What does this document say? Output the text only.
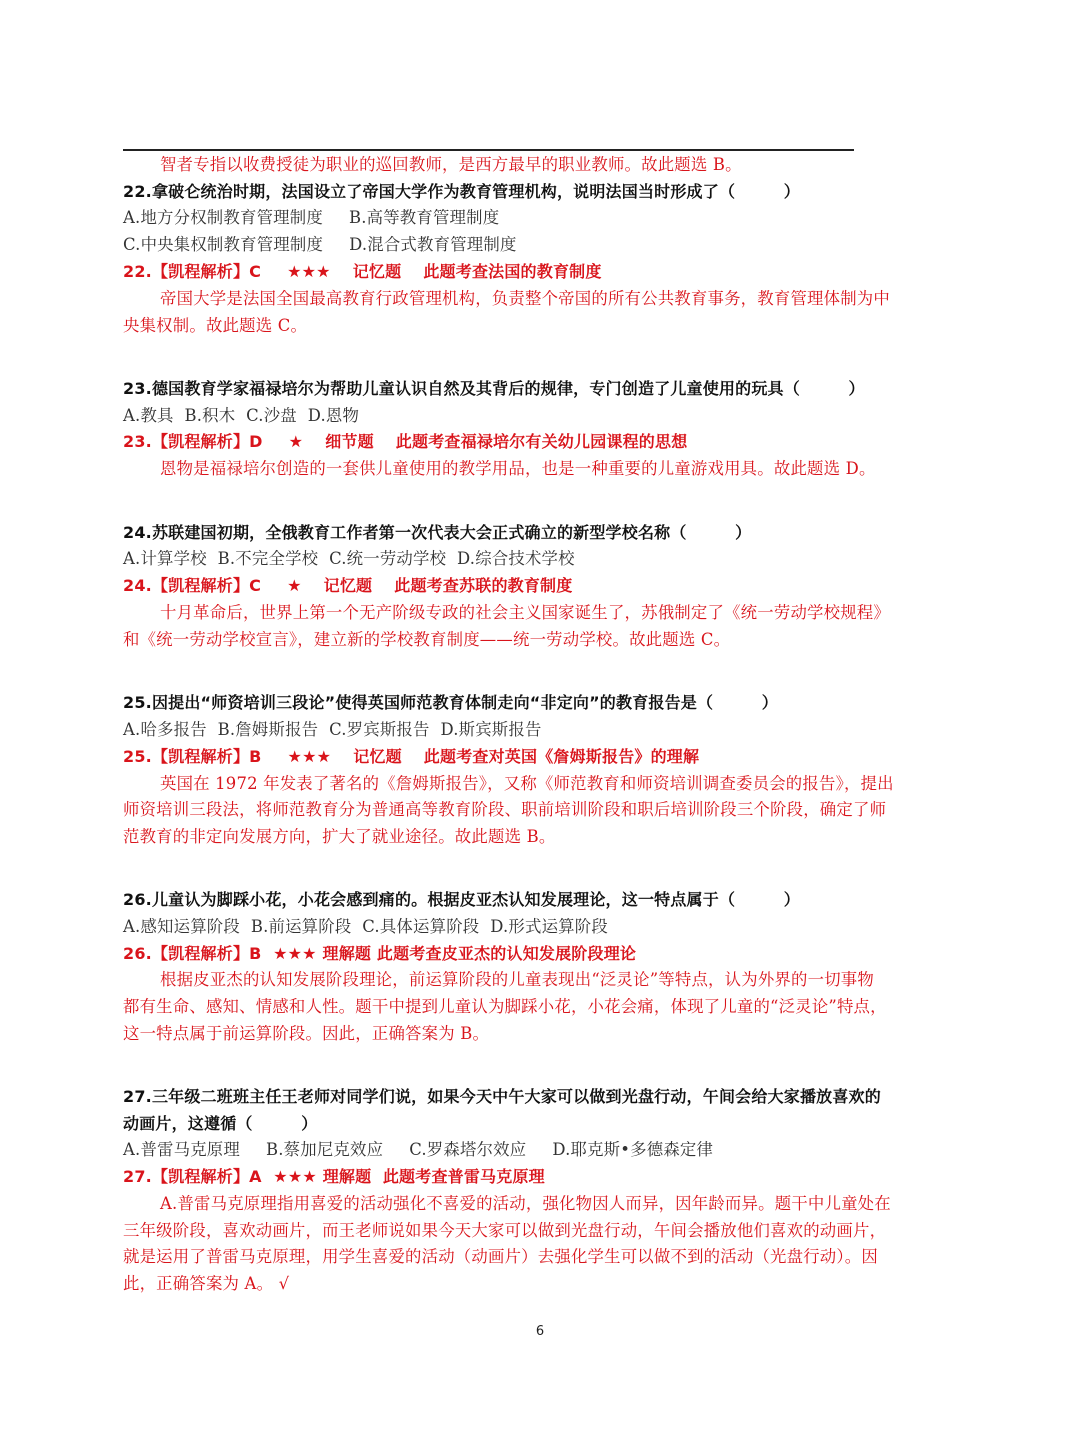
智者专指以收费授徒为职业的巡回教师，是西方最早的职业教师。故此题选 B。
22.拿破仑统治时期，法国设立了帝国大学作为教育管理机构，说明法国当时形成了（　　　）
A.地方分权制教育管理制度 B.高等教育管理制度
C.中央集权制教育管理制度 D.混合式教育管理制度
22.【凯程解析】C ★★★ 记忆题 此题考查法国的教育制度
帝国大学是法国全国最高教育行政管理机构，负责整个帝国的所有公共教育事务，教育管理体制为中
央集权制。故此题选 C。
23.德国教育学家福禄培尔为帮助儿童认识自然及其背后的规律，专门创造了儿童使用的玩具（　　　）
A.教具 B.积木 C.沙盘 D.恩物
23.【凯程解析】D ★ 细节题 此题考查福禄培尔有关幼儿园课程的思想
恩物是福禄培尔创造的一套供儿童使用的教学用品，也是一种重要的儿童游戏用具。故此题选 D。
24.苏联建国初期，全俄教育工作者第一次代表大会正式确立的新型学校名称（　　　）
A.计算学校 B.不完全学校 C.统一劳动学校 D.综合技术学校
24.【凯程解析】C ★ 记忆题 此题考查苏联的教育制度
十月革命后，世界上第一个无产阶级专政的社会主义国家诞生了，苏俄制定了《统一劳动学校规程》
和《统一劳动学校宣言》，建立新的学校教育制度——统一劳动学校。故此题选 C。
25.因提出“师资培训三段论”使得英国师范教育体制走向“非定向”的教育报告是（　　　）
A.哈多报告 B.詹姆斯报告 C.罗宾斯报告 D.斯宾斯报告
25.【凯程解析】B ★★★ 记忆题 此题考查对英国《詹姆斯报告》的理解
英国在 1972 年发表了著名的《詹姆斯报告》，又称《师范教育和师资培训调查委员会的报告》，提出
师资培训三段法，将师范教育分为普通高等教育阶段、职前培训阶段和职后培训阶段三个阶段，确定了师
范教育的非定向发展方向，扩大了就业途径。故此题选 B。
26.儿童认为脚踩小花，小花会感到痛的。根据皮亚杰认知发展理论，这一特点属于（　　　）
A.感知运算阶段 B.前运算阶段 C.具体运算阶段 D.形式运算阶段
26.【凯程解析】B ★★★ 理解题 此题考查皮亚杰的认知发展阶段理论
根据皮亚杰的认知发展阶段理论，前运算阶段的儿童表现出“泛灵论”等特点，认为外界的一切事物
都有生命、感知、情感和人性。题干中提到儿童认为脚踩小花，小花会痛，体现了儿童的“泛灵论”特点，
这一特点属于前运算阶段。因此，正确答案为 B。
27.三年级二班班主任王老师对同学们说，如果今天中午大家可以做到光盘行动，午间会给大家播放喜欢的
动画片，这遵循（　　　）
A.普雷马克原理 B.蔡加尼克效应 C.罗森塔尔效应 D.耶克斯•多德森定律
27.【凯程解析】A ★★★ 理解题 此题考查普雷马克原理
A.普雷马克原理指用喜爱的活动强化不喜爱的活动，强化物因人而异，因年龄而异。题干中儿童处在
三年级阶段，喜欢动画片，而王老师说如果今天大家可以做到光盘行动，午间会播放他们喜欢的动画片，
就是运用了普雷马克原理，用学生喜爱的活动（动画片）去强化学生可以做不到的活动（光盘行动）。因
此，正确答案为 A。 √
6
